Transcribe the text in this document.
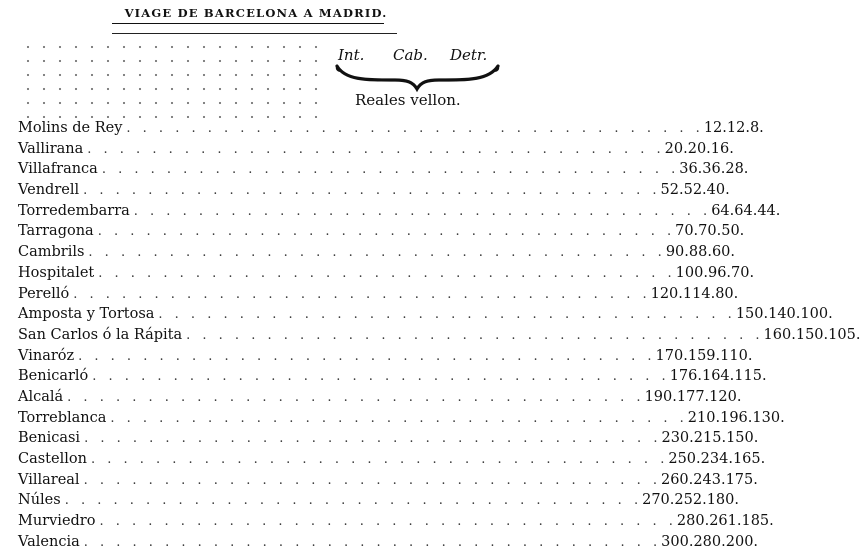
VIAGE DE BARCELONA A MADRID.
Int. Cab. Detr.
Reales vellon.
Molins de Rey . . . . . . . . . . . . . . . . . . . . . . . . . . . . . . . . . . . . 12. 12. 8.
Vallirana . . . . . . . . . . . . . . . . . . . . . . . . . . . . . . . . . . . . 20. 20. 16.
Villafranca . . . . . . . . . . . . . . . . . . . . . . . . . . . . . . . . . . . . 36. 36. 28.
Vendrell . . . . . . . . . . . . . . . . . . . . . . . . . . . . . . . . . . . . 52. 52. 40.
Torredembarra . . . . . . . . . . . . . . . . . . . . . . . . . . . . . . . . . . . . 64. 64. 44.
Tarragona . . . . . . . . . . . . . . . . . . . . . . . . . . . . . . . . . . . . 70. 70. 50.
Cambrils . . . . . . . . . . . . . . . . . . . . . . . . . . . . . . . . . . . . 90. 88. 60.
Hospitalet . . . . . . . . . . . . . . . . . . . . . . . . . . . . . . . . . . . . 100. 96. 70.
Perelló . . . . . . . . . . . . . . . . . . . . . . . . . . . . . . . . . . . . 120. 114. 80.
Amposta y Tortosa . . . . . . . . . . . . . . . . . . . . . . . . . . . . . . . . . . . . 150. 140. 100.
San Carlos ó la Rápita . . . . . . . . . . . . . . . . . . . . . . . . . . . . . . . . . . . . 160. 150. 105.
Vinaróz . . . . . . . . . . . . . . . . . . . . . . . . . . . . . . . . . . . . 170. 159. 110.
Benicarló . . . . . . . . . . . . . . . . . . . . . . . . . . . . . . . . . . . . 176. 164. 115.
Alcalá . . . . . . . . . . . . . . . . . . . . . . . . . . . . . . . . . . . . 190. 177. 120.
Torreblanca . . . . . . . . . . . . . . . . . . . . . . . . . . . . . . . . . . . . 210. 196. 130.
Benicasi . . . . . . . . . . . . . . . . . . . . . . . . . . . . . . . . . . . . 230. 215. 150.
Castellon . . . . . . . . . . . . . . . . . . . . . . . . . . . . . . . . . . . . 250. 234. 165.
Villareal . . . . . . . . . . . . . . . . . . . . . . . . . . . . . . . . . . . . 260. 243. 175.
Núles . . . . . . . . . . . . . . . . . . . . . . . . . . . . . . . . . . . . 270. 252. 180.
Murviedro . . . . . . . . . . . . . . . . . . . . . . . . . . . . . . . . . . . . 280. 261. 185.
Valencia . . . . . . . . . . . . . . . . . . . . . . . . . . . . . . . . . . . . 300. 280. 200.
